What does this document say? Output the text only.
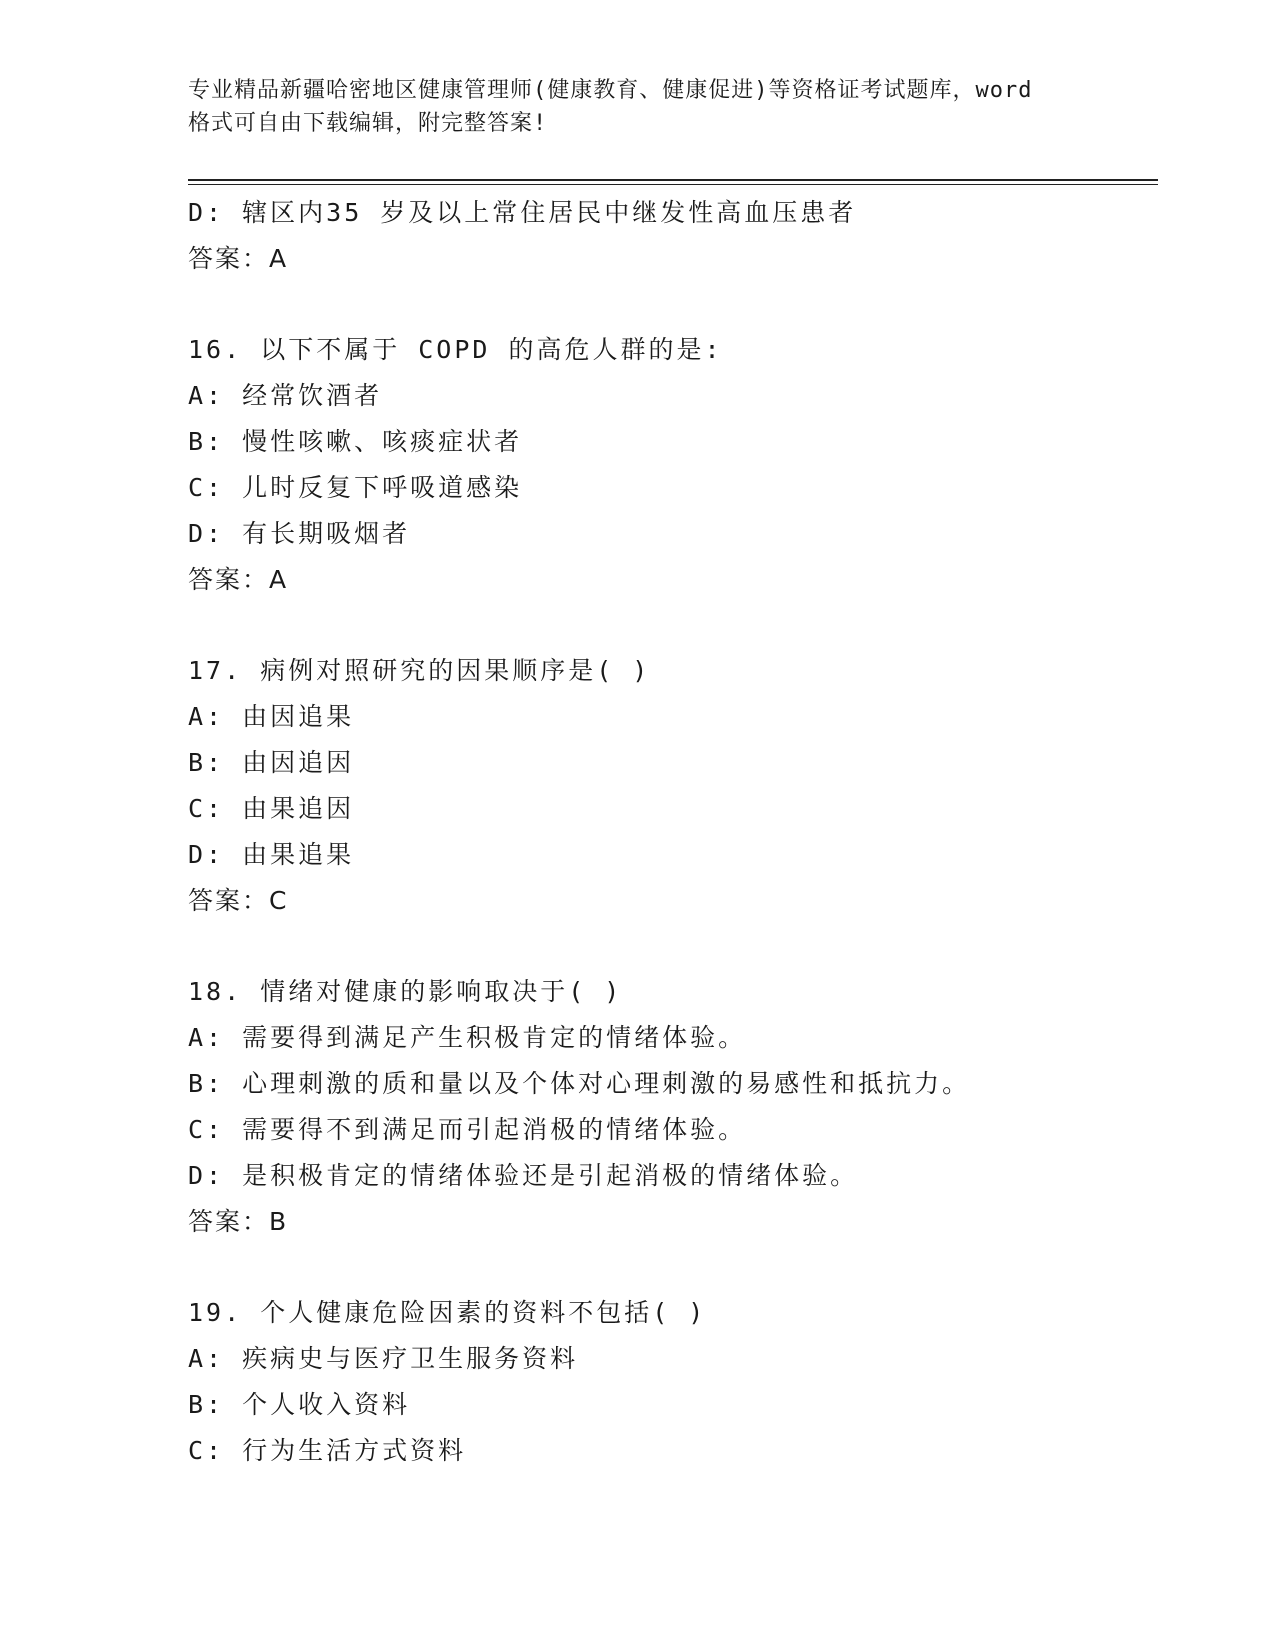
专业精品新疆哈密地区健康管理师(健康教育、健康促进)等资格证考试题库，word
格式可自由下载编辑，附完整答案!
D: 辖区内35 岁及以上常住居民中继发性高血压患者
答案：A
16. 以下不属于 COPD 的高危人群的是:
A: 经常饮酒者
B: 慢性咳嗽、咳痰症状者
C: 儿时反复下呼吸道感染
D: 有长期吸烟者
答案：A
17. 病例对照研究的因果顺序是( )
A: 由因追果
B: 由因追因
C: 由果追因
D: 由果追果
答案：C
18. 情绪对健康的影响取决于( )
A: 需要得到满足产生积极肯定的情绪体验。
B: 心理刺激的质和量以及个体对心理刺激的易感性和抵抗力。
C: 需要得不到满足而引起消极的情绪体验。
D: 是积极肯定的情绪体验还是引起消极的情绪体验。
答案：B
19. 个人健康危险因素的资料不包括( )
A: 疾病史与医疗卫生服务资料
B: 个人收入资料
C: 行为生活方式资料
